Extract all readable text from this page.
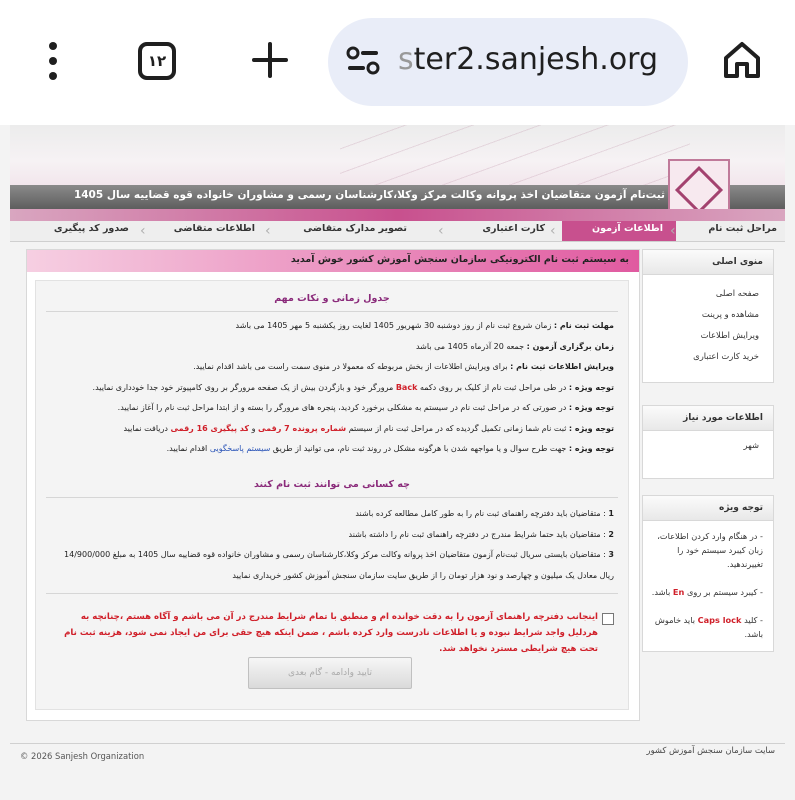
۱۲	ster2.sanjesh.org
ثبت‌نام آزمون متقاضیان اخذ پروانه وکالت مرکز وکلا،کارشناسان رسمی و مشاوران خانواده قوه قضاییه سال 1405
مراحل ثبت نام
‹
اطلاعات آزمون
‹
کارت اعتباری
‹
تصویر مدارک متقاضی
‹
اطلاعات متقاضی
‹
صدور کد پیگیری
به سیستم ثبت نام الکترونیکی سازمان سنجش آموزش کشور خوش آمدید
جدول زمانی و نکات مهم
مهلت ثبت نام : زمان شروع ثبت نام از روز دوشنبه 30 شهریور 1405 لغایت روز یکشنبه 5 مهر 1405 می باشد
زمان برگزاری آزمون : جمعه 20 آذرماه 1405 می باشد
ویرایش اطلاعات ثبت نام : برای ویرایش اطلاعات از بخش مربوطه که معمولا در منوی سمت راست می باشد اقدام نمایید.
توجه ویژه : در طی مراحل ثبت نام از کلیک بر روی دکمه Back مرورگر خود و بازگردن بیش از یک صفحه مرورگر بر روی کامپیوتر خود جدا خودداری نمایید.
توجه ویژه : در صورتی که در مراحل ثبت نام در سیستم به مشکلی برخورد کردید، پنجره های مرورگر را بسته و از ابتدا مراحل ثبت نام را آغاز نمایید.
توجه ویژه : ثبت نام شما زمانی تکمیل گردیده که در مراحل ثبت نام از سیستم شماره پرونده 7 رقمی و کد پیگیری 16 رقمی دریافت نمایید
توجه ویژه : جهت طرح سوال و یا مواجهه شدن با هرگونه مشکل در روند ثبت نام، می توانید از طریق سیستم پاسخگویی اقدام نمایید.
چه کسانی می توانند ثبت نام کنند
1 : متقاضیان باید دفترچه راهنمای ثبت نام را به طور کامل مطالعه کرده باشند
2 : متقاضیان باید حتما شرایط مندرج در دفترچه راهنمای ثبت نام را داشته باشند
3 : متقاضیان بایستی سریال ثبت‌نام آزمون متقاضیان اخذ پروانه وکالت مرکز وکلا،کارشناسان رسمی و مشاوران خانواده قوه قضاییه سال 1405 به مبلغ 14/900/000
ریال معادل یک میلیون و چهارصد و نود هزار تومان را از طریق سایت سازمان سنجش آموزش کشور خریداری نمایید
اینجانب دفترچه راهنمای آزمون را به دقت خوانده ام و منطبق با تمام شرایط مندرج در آن می باشم و آگاه هستم ،چنانچه به هردلیل واجد شرایط نبوده و یا اطلاعات نادرست وارد کرده باشم ، ضمن اینکه هیچ حقی برای من ایجاد نمی شود، هزینه ثبت نام تحت هیچ شرایطی مسترد نخواهد شد.
تایید وادامه - گام بعدی
منوی اصلی
صفحه اصلی
مشاهده و پرینت
ویرایش اطلاعات
خرید کارت اعتباری
اطلاعات مورد نیاز
شهر
توجه ویژه
- در هنگام وارد کردن اطلاعات، زبان کیبرد سیستم خود را تغییرندهید.
- کیبرد سیستم بر روی En باشد.
- کلید Caps lock باید خاموش باشد.
© 2026 Sanjesh Organization
سایت سازمان سنجش آموزش کشور
